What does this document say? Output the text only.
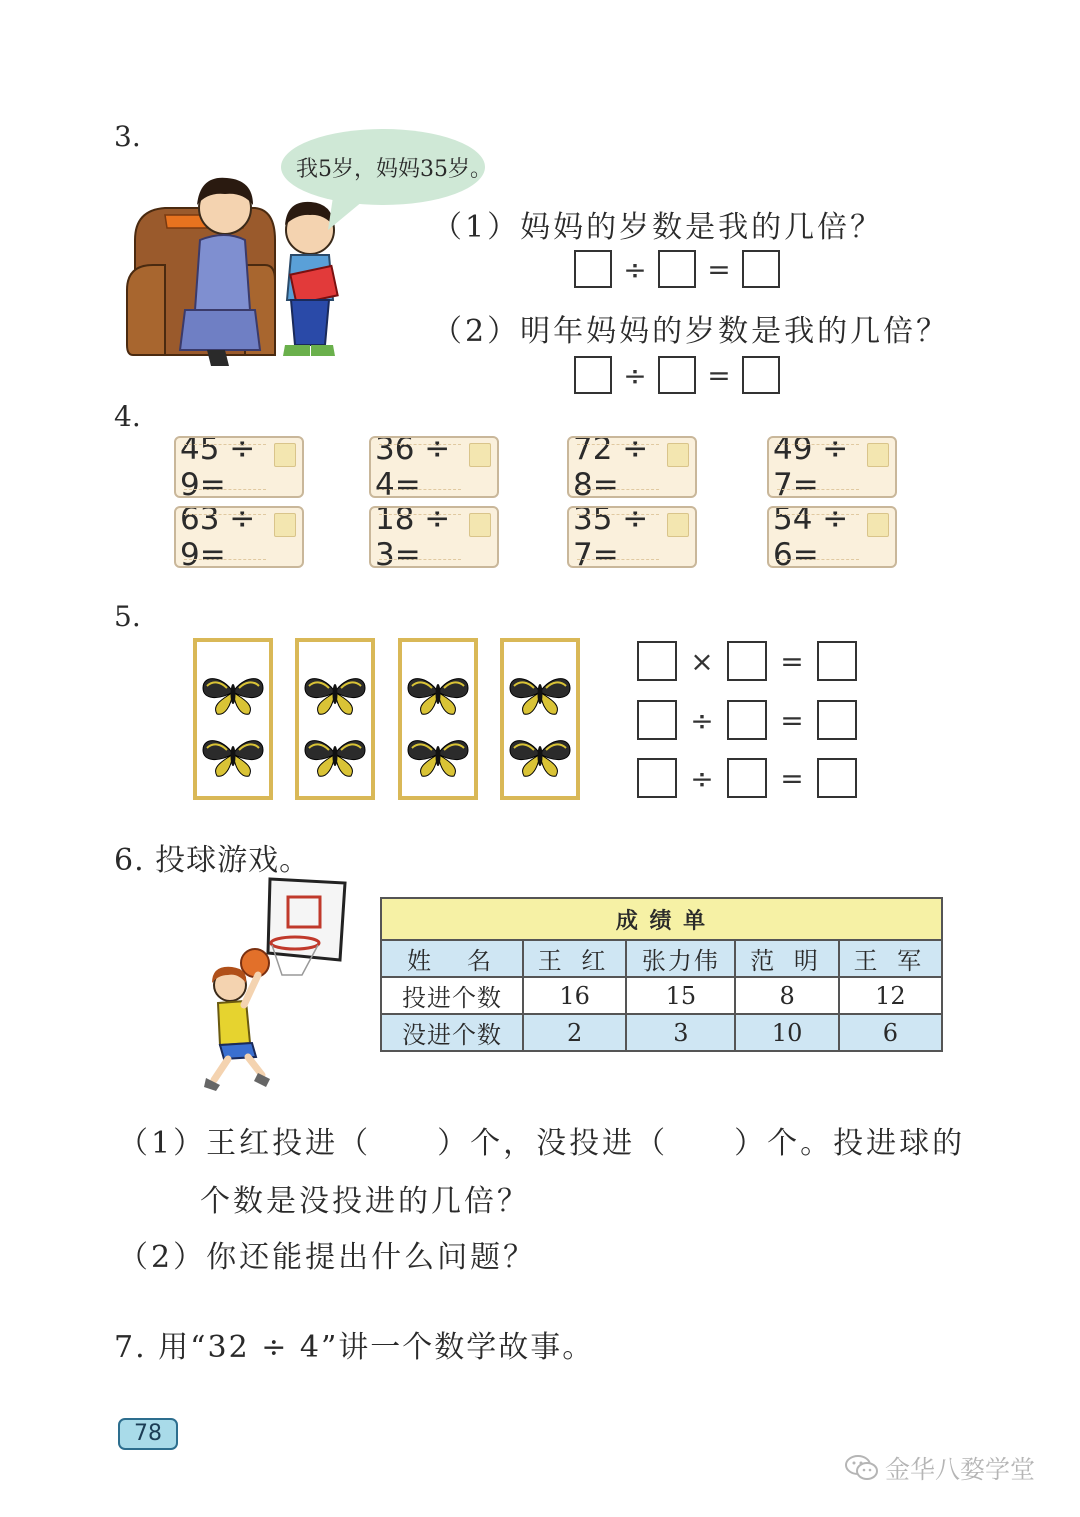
3.
我5岁，妈妈35岁。
（1）妈妈的岁数是我的几倍？
÷ =
（2）明年妈妈的岁数是我的几倍？
÷ =
4.
45 ÷ 9=
36 ÷ 4=
72 ÷ 8=
49 ÷ 7=
63 ÷ 9=
18 ÷ 3=
35 ÷ 7=
54 ÷ 6=
5.
× =
÷ =
÷ =
6. 投球游戏。
成 绩 单				
姓　名	王 红	张力伟	范 明	王 军
投进个数	16	15	8	12
没进个数	2	3	10	6
（1）王红投进（　　）个，没投进（　　）个。投进球的
个数是没投进的几倍？
（2）你还能提出什么问题？
7. 用“32 ÷ 4”讲一个数学故事。
78
金华八婺学堂
